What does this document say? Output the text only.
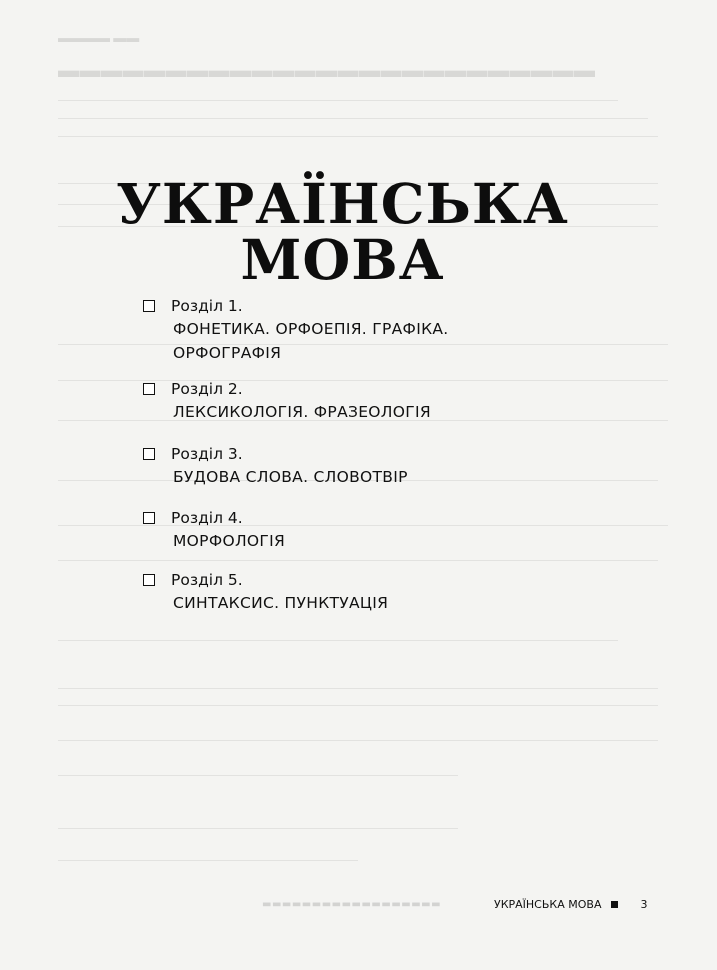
▬▬▬▬ ▬▬
▬▬▬▬▬▬▬▬▬▬▬▬▬▬▬▬▬▬▬▬▬▬▬▬▬
УКРАЇНСЬКА
МОВА
Розділ 1.
ФОНЕТИКА. ОРФОЕПІЯ. ГРАФІКА.
ОРФОГРАФІЯ
Розділ 2.
ЛЕКСИКОЛОГІЯ. ФРАЗЕОЛОГІЯ
Розділ 3.
БУДОВА СЛОВА. СЛОВОТВІР
Розділ 4.
МОРФОЛОГІЯ
Розділ 5.
СИНТАКСИС. ПУНКТУАЦІЯ
▬▬▬▬▬▬▬▬▬▬▬▬▬▬▬▬▬▬	УКРАЇНСЬКА МОВА	3
